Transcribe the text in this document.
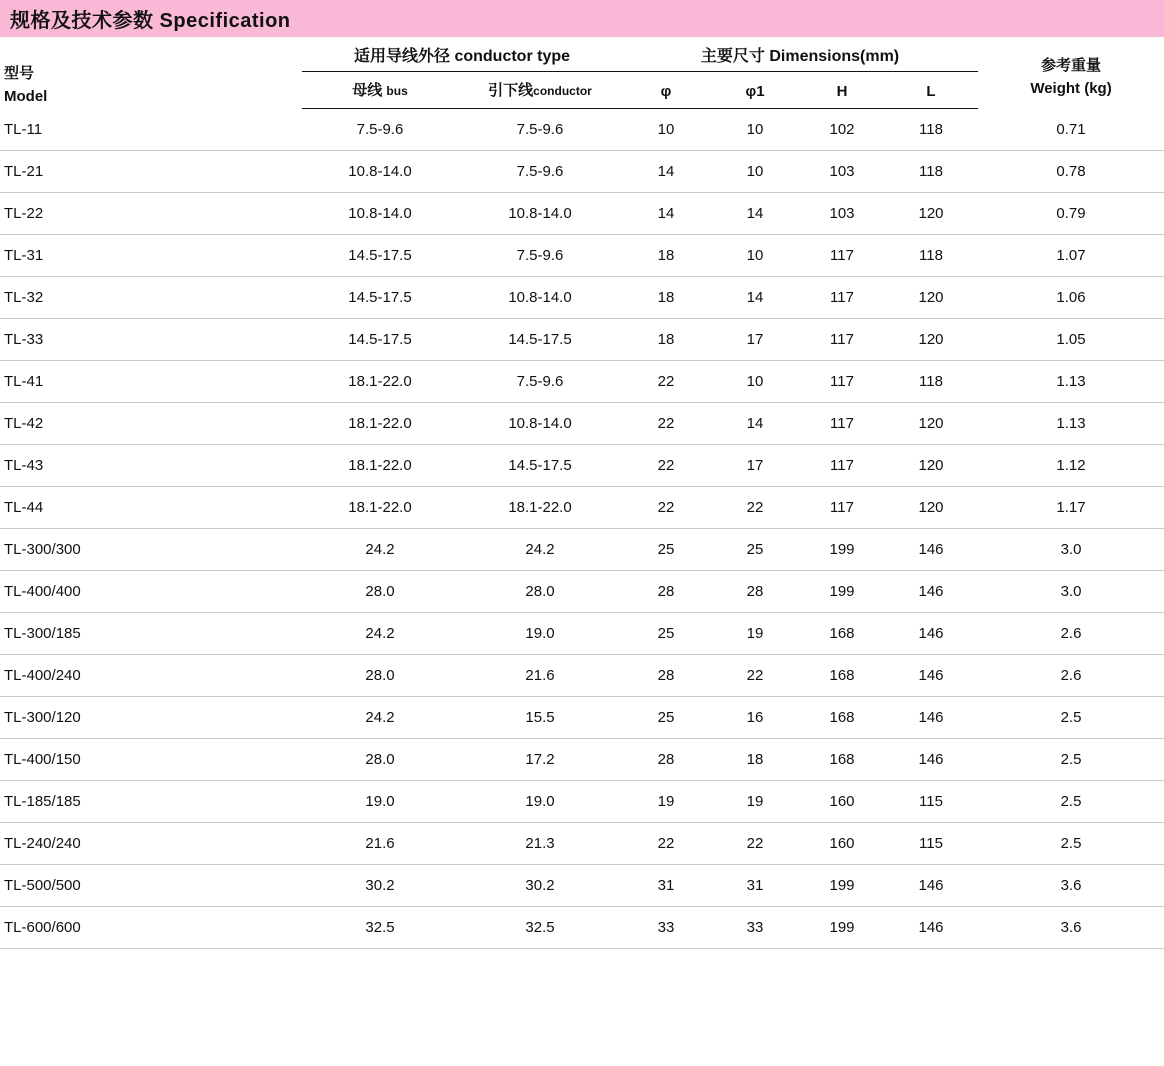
规格及技术参数 Specification
型号
Model
	适用导线外径 conductor type	主要尺寸 Dimensions(mm)	
参考重量
Weight (kg)

	母线 bus	引下线conductor	φ	φ1	H	L	
TL-11	7.5-9.6	7.5-9.6	10	10	102	118	0.71
TL-21	10.8-14.0	7.5-9.6	14	10	103	118	0.78
TL-22	10.8-14.0	10.8-14.0	14	14	103	120	0.79
TL-31	14.5-17.5	7.5-9.6	18	10	117	118	1.07
TL-32	14.5-17.5	10.8-14.0	18	14	117	120	1.06
TL-33	14.5-17.5	14.5-17.5	18	17	117	120	1.05
TL-41	18.1-22.0	7.5-9.6	22	10	117	118	1.13
TL-42	18.1-22.0	10.8-14.0	22	14	117	120	1.13
TL-43	18.1-22.0	14.5-17.5	22	17	117	120	1.12
TL-44	18.1-22.0	18.1-22.0	22	22	117	120	1.17
TL-300/300	24.2	24.2	25	25	199	146	3.0
TL-400/400	28.0	28.0	28	28	199	146	3.0
TL-300/185	24.2	19.0	25	19	168	146	2.6
TL-400/240	28.0	21.6	28	22	168	146	2.6
TL-300/120	24.2	15.5	25	16	168	146	2.5
TL-400/150	28.0	17.2	28	18	168	146	2.5
TL-185/185	19.0	19.0	19	19	160	115	2.5
TL-240/240	21.6	21.3	22	22	160	115	2.5
TL-500/500	30.2	30.2	31	31	199	146	3.6
TL-600/600	32.5	32.5	33	33	199	146	3.6
